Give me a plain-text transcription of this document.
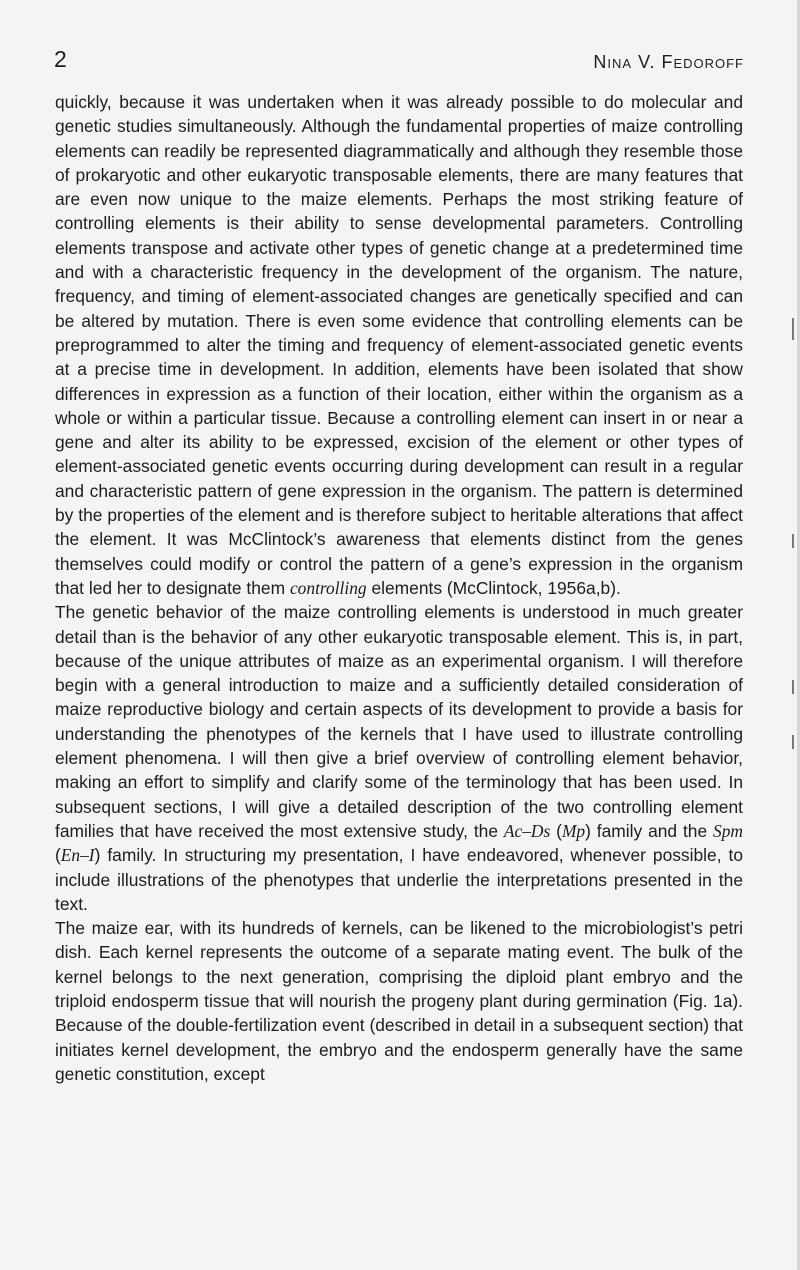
2	Nina V. Fedoroff

quickly, because it was undertaken when it was already possible to do molecular and genetic studies simultaneously. Although the fundamental properties of maize controlling elements can readily be represented diagrammatically and although they resemble those of prokaryotic and other eukaryotic transposable elements, there are many features that are even now unique to the maize elements. Perhaps the most striking feature of controlling elements is their ability to sense developmental parameters. Controlling elements transpose and activate other types of genetic change at a predetermined time and with a characteristic frequency in the development of the organism. The nature, frequency, and timing of element-associated changes are genetically specified and can be altered by mutation. There is even some evidence that controlling elements can be preprogrammed to alter the timing and frequency of element-associated genetic events at a precise time in development. In addition, elements have been isolated that show differences in expression as a function of their location, either within the organism as a whole or within a particular tissue. Because a controlling element can insert in or near a gene and alter its ability to be expressed, excision of the element or other types of element-associated genetic events occurring during development can result in a regular and characteristic pattern of gene expression in the organism. The pattern is determined by the properties of the element and is therefore subject to heritable alterations that affect the element. It was McClintock’s awareness that elements distinct from the genes themselves could modify or control the pattern of a gene’s expression in the organism that led her to designate them controlling elements (McClintock, 1956a,b).

The genetic behavior of the maize controlling elements is understood in much greater detail than is the behavior of any other eukaryotic transposable element. This is, in part, because of the unique attributes of maize as an experimental organism. I will therefore begin with a general introduction to maize and a sufficiently detailed consideration of maize reproductive biology and certain aspects of its development to provide a basis for understanding the phenotypes of the kernels that I have used to illustrate controlling element phenomena. I will then give a brief overview of controlling element behavior, making an effort to simplify and clarify some of the terminology that has been used. In subsequent sections, I will give a detailed description of the two controlling element families that have received the most extensive study, the Ac–Ds (Mp) family and the Spm (En–I) family. In structuring my presentation, I have endeavored, whenever possible, to include illustrations of the phenotypes that underlie the interpretations presented in the text.

The maize ear, with its hundreds of kernels, can be likened to the microbiologist’s petri dish. Each kernel represents the outcome of a separate mating event. The bulk of the kernel belongs to the next generation, comprising the diploid plant embryo and the triploid endosperm tissue that will nourish the progeny plant during germination (Fig. 1a). Because of the double-fertilization event (described in detail in a subsequent section) that initiates kernel development, the embryo and the endosperm generally have the same genetic constitution, except
